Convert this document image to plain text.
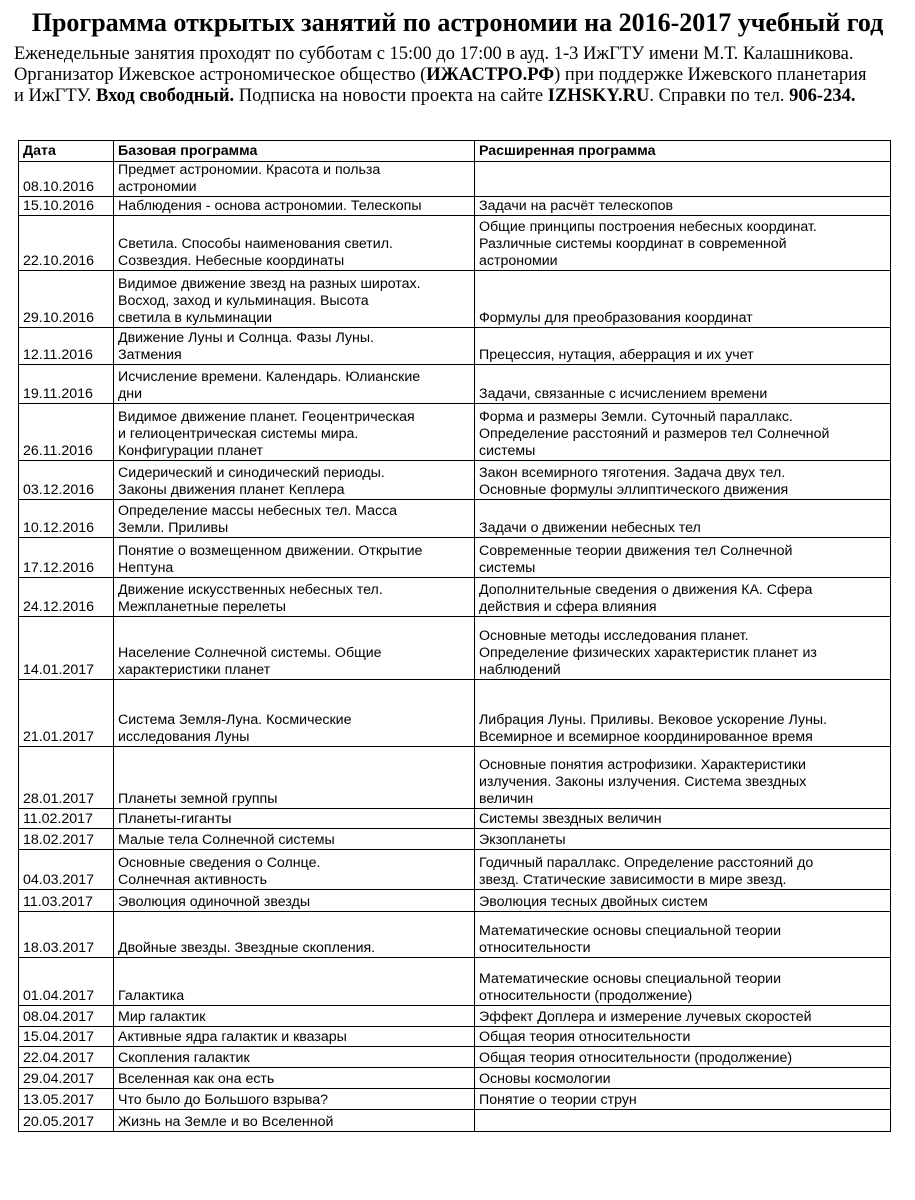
Программа открытых занятий по астрономии на 2016-2017 учебный год
Еженедельные занятия проходят по субботам с 15:00 до 17:00 в ауд. 1-3 ИжГТУ имени М.Т. Калашникова.
Организатор Ижевское астрономическое общество (ИЖАСТРО.РФ) при поддержке Ижевского планетария
и ИжГТУ. Вход свободный. Подписка на новости проекта на сайте IZHSKY.RU. Справки по тел. 906-234.
Дата	Базовая программа	Расширенная программа
08.10.2016	Предмет астрономии. Красота и польза
астрономии	

15.10.2016	Наблюдения - основа астрономии. Телескопы	Задачи на расчёт телескопов

22.10.2016	Светила. Способы наименования светил.
Созвездия. Небесные координаты	Общие принципы построения небесных координат.
Различные системы координат в современной
астрономии

29.10.2016	Видимое движение звезд на разных широтах.
Восход, заход и кульминация. Высота
светила в кульминации	Формулы для преобразования координат

12.11.2016	Движение Луны и Солнца. Фазы Луны.
Затмения	Прецессия, нутация, аберрация и их учет

19.11.2016	Исчисление времени. Календарь. Юлианские
дни	Задачи, связанные с исчислением времени

26.11.2016	Видимое движение планет. Геоцентрическая
и гелиоцентрическая системы мира.
Конфигурации планет	Форма и размеры Земли. Суточный параллакс.
Определение расстояний и размеров тел Солнечной
системы

03.12.2016	Сидерический и синодический периоды.
Законы движения планет Кеплера	Закон всемирного тяготения. Задача двух тел.
Основные формулы эллиптического движения

10.12.2016	Определение массы небесных тел. Масса
Земли. Приливы	Задачи о движении небесных тел

17.12.2016	Понятие о возмещенном движении. Открытие
Нептуна	Современные теории движения тел Солнечной
системы

24.12.2016	Движение искусственных небесных тел.
Межпланетные перелеты	Дополнительные сведения о движения КА. Сфера
действия и сфера влияния

14.01.2017	Население Солнечной системы. Общие
характеристики планет	Основные методы исследования планет.
Определение физических характеристик планет из
наблюдений

21.01.2017	Система Земля-Луна. Космические
исследования Луны	Либрация Луны. Приливы. Вековое ускорение Луны.
Всемирное и всемирное координированное время

28.01.2017	Планеты земной группы	Основные понятия астрофизики. Характеристики
излучения. Законы излучения. Система звездных
величин

11.02.2017	Планеты-гиганты	Системы звездных величин

18.02.2017	Малые тела Солнечной системы	Экзопланеты

04.03.2017	Основные сведения о Солнце.
Солнечная активность	Годичный параллакс. Определение расстояний до
звезд. Статические зависимости в мире звезд.

11.03.2017	Эволюция одиночной звезды	Эволюция тесных двойных систем

18.03.2017	Двойные звезды. Звездные скопления.	Математические основы специальной теории
относительности

01.04.2017	Галактика	Математические основы специальной теории
относительности (продолжение)

08.04.2017	Мир галактик	Эффект Доплера и измерение лучевых скоростей

15.04.2017	Активные ядра галактик и квазары	Общая теория относительности

22.04.2017	Скопления галактик	Общая теория относительности (продолжение)

29.04.2017	Вселенная как она есть	Основы космологии

13.05.2017	Что было до Большого взрыва?	Понятие о теории струн

20.05.2017	Жизнь на Земле и во Вселенной	
